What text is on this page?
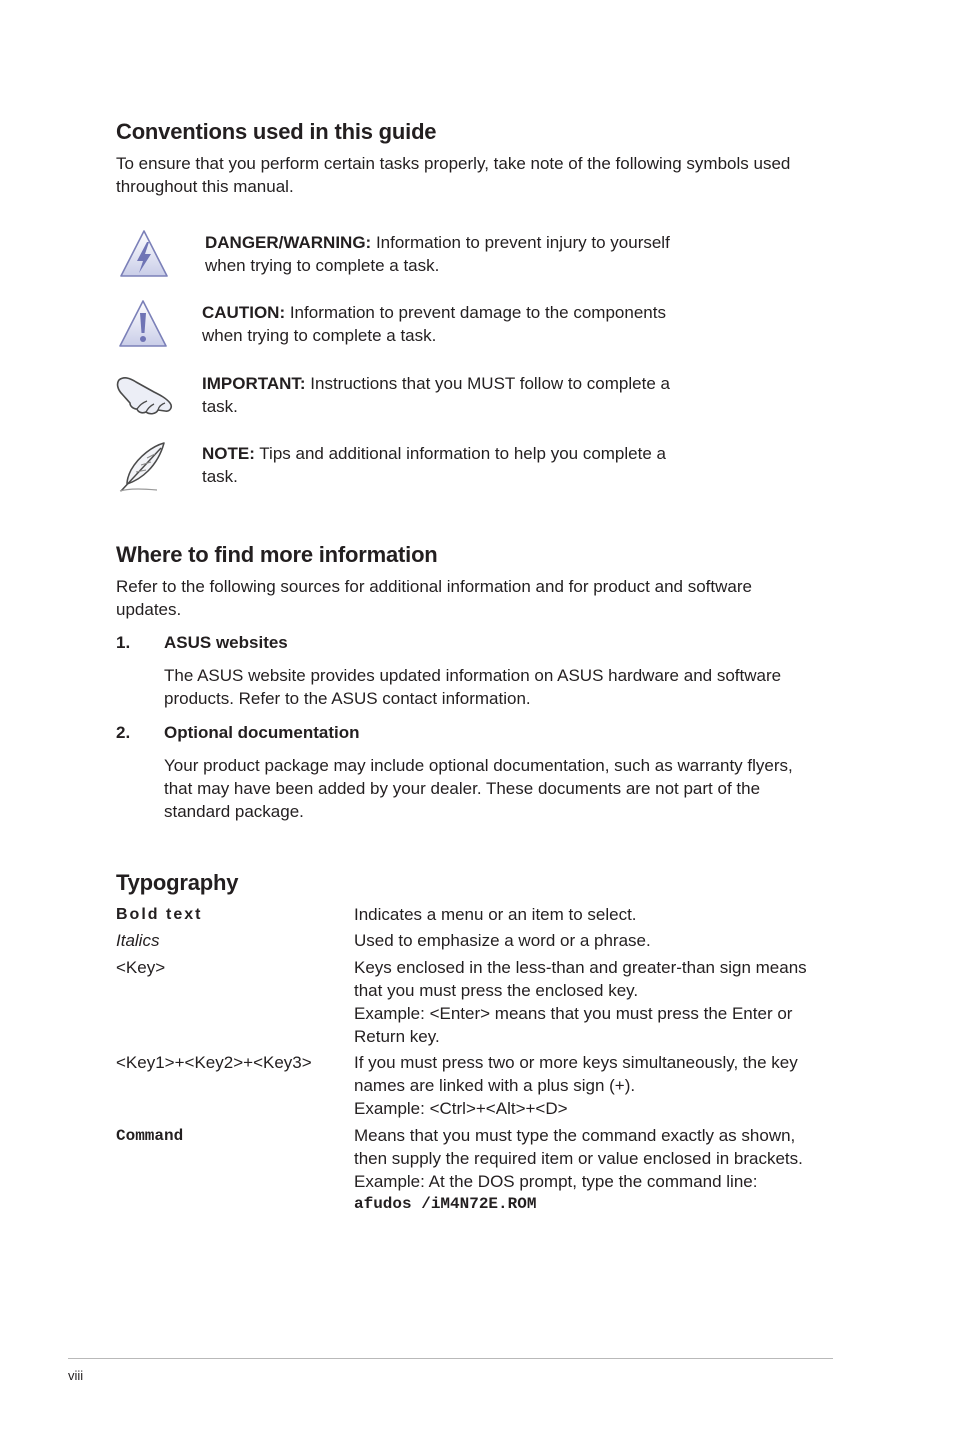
Conventions used in this guide

To ensure that you perform certain tasks properly, take note of the following symbols used throughout this manual.

DANGER/WARNING: Information to prevent injury to yourself
when trying to complete a task.
CAUTION: Information to prevent damage to the components
when trying to complete a task.
IMPORTANT: Instructions that you MUST follow to complete a
task.
NOTE: Tips and additional information to help you complete a
task.
Where to find more information

Refer to the following sources for additional information and for product and software updates.

1. ASUS websites

The ASUS website provides updated information on ASUS hardware and software products. Refer to the ASUS contact information.

2. Optional documentation

Your product package may include optional documentation, such as warranty flyers, that may have been added by your dealer. These documents are not part of the standard package.

Typography
Bold text	Indicates a menu or an item to select.
Italics	Used to emphasize a word or a phrase.
<Key>	Keys enclosed in the less-than and greater-than sign means that you must press the enclosed key.
Example: <Enter> means that you must press the Enter or Return key.
<Key1>+<Key2>+<Key3> If you must press two or more keys simultaneously, the key names are linked with a plus sign (+).
Example: <Ctrl>+<Alt>+<D>
Command	Means that you must type the command exactly as shown, then supply the required item or value enclosed in brackets.
Example: At the DOS prompt, type the command line:
afudos /iM4N72E.ROM
viii
